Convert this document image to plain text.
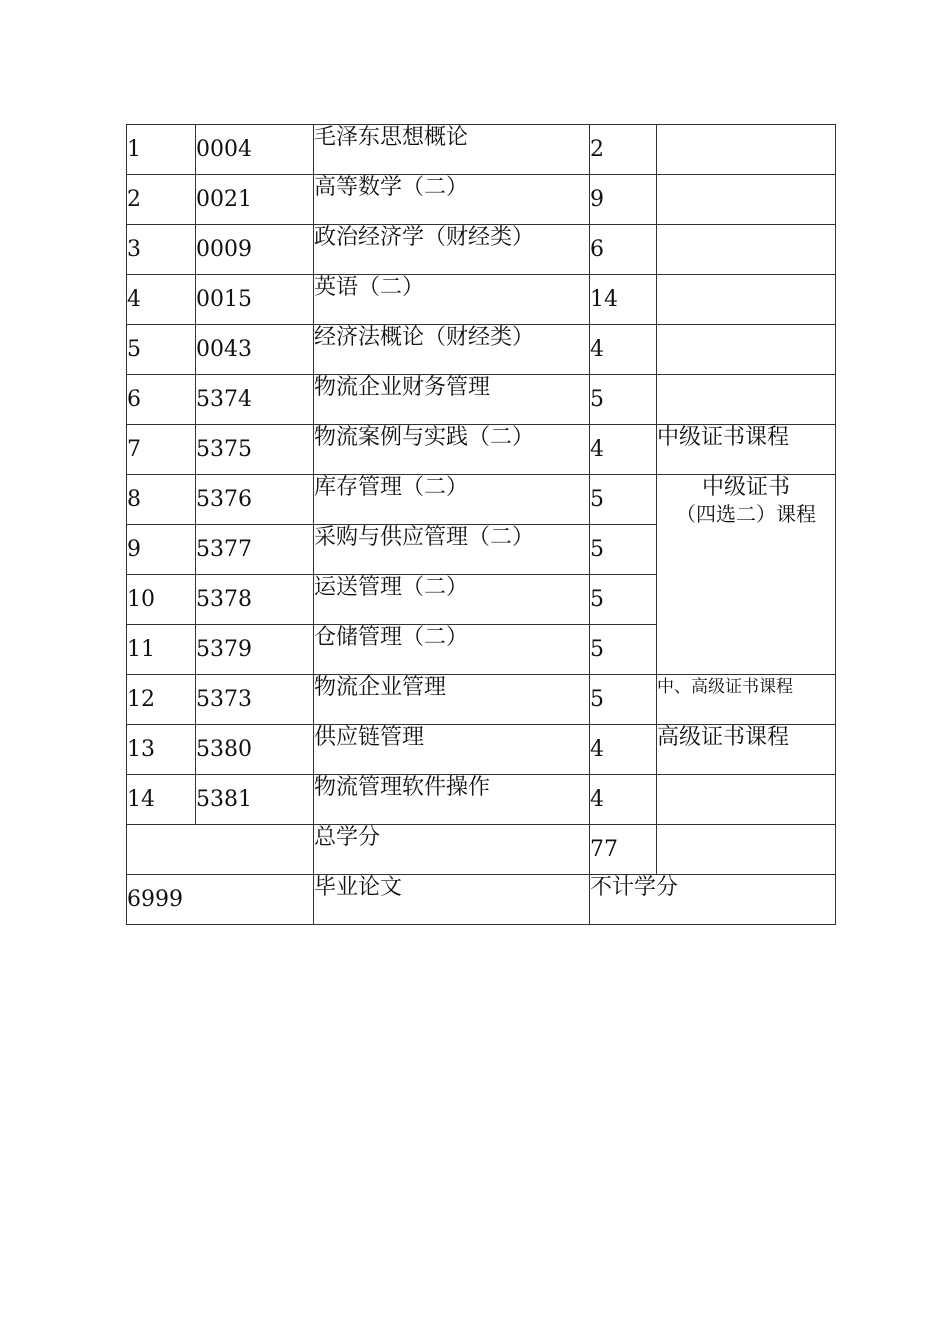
1	0004	毛泽东思想概论	2	
2	0021	高等数学（二）	9	
3	0009	政治经济学（财经类）	6	
4	0015	英语（二）	14	
5	0043	经济法概论（财经类）	4	
6	5374	物流企业财务管理	5	
7	5375	物流案例与实践（二）	4	中级证书课程
8	5376	库存管理（二）	5	中级证书
（四选二）课程

9	5377	采购与供应管理（二）	5	
10	5378	运送管理（二）	5	
11	5379	仓储管理（二）	5	
12	5373	物流企业管理	5	中、高级证书课程
13	5380	供应链管理	4	高级证书课程
14	5381	物流管理软件操作	4	
		总学分	77	
6999		毕业论文	不计学分	
